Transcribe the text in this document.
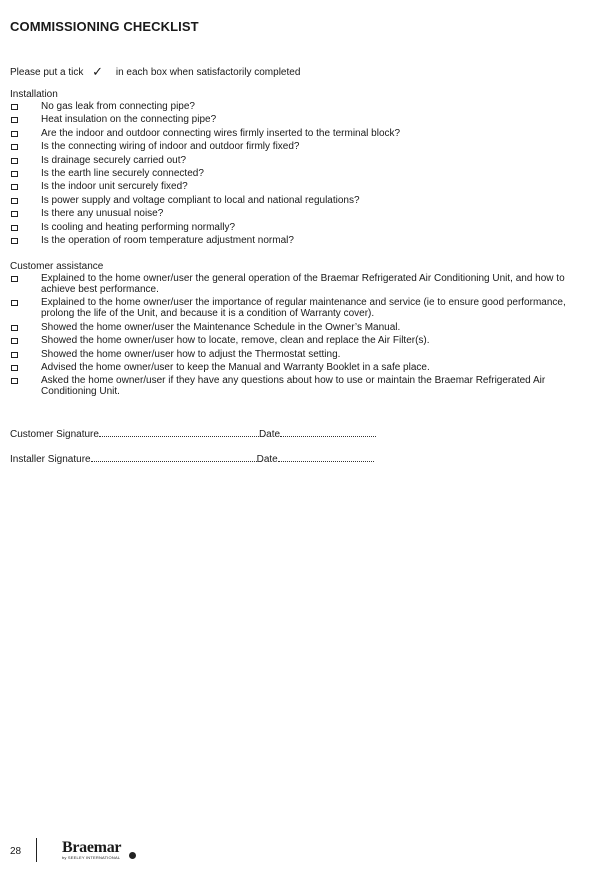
COMMISSIONING CHECKLIST
Please put a tick ✓ in each box when satisfactorily completed

Installation

No gas leak from connecting pipe?
Heat insulation on the connecting pipe?
Are the indoor and outdoor connecting wires firmly inserted to the terminal block?
Is the connecting wiring of indoor and outdoor firmly fixed?
Is drainage securely carried out?
Is the earth line securely connected?
Is the indoor unit sercurely fixed?
Is power supply and voltage compliant to local and national regulations?
Is there any unusual noise?
Is cooling and heating performing normally?
Is the operation of room temperature adjustment normal?

Customer assistance

Explained to the home owner/user the general operation of the Braemar Refrigerated Air Conditioning Unit, and how to achieve best performance.
Explained to the home owner/user the importance of regular maintenance and service (ie to ensure good performance, prolong the life of the Unit, and because it is a condition of Warranty cover).
Showed the home owner/user the Maintenance Schedule in the Owner’s Manual.
Showed the home owner/user how to locate, remove, clean and replace the Air Filter(s).
Showed the home owner/user how to adjust the Thermostat setting.
Advised the home owner/user to keep the Manual and Warranty Booklet in a safe place.
Asked the home owner/user if they have any questions about how to use or maintain the Braemar Refrigerated Air Conditioning Unit.
Customer Signature	Date
Installer Signature	Date
28	Braemar
by SEELEY INTERNATIONAL
